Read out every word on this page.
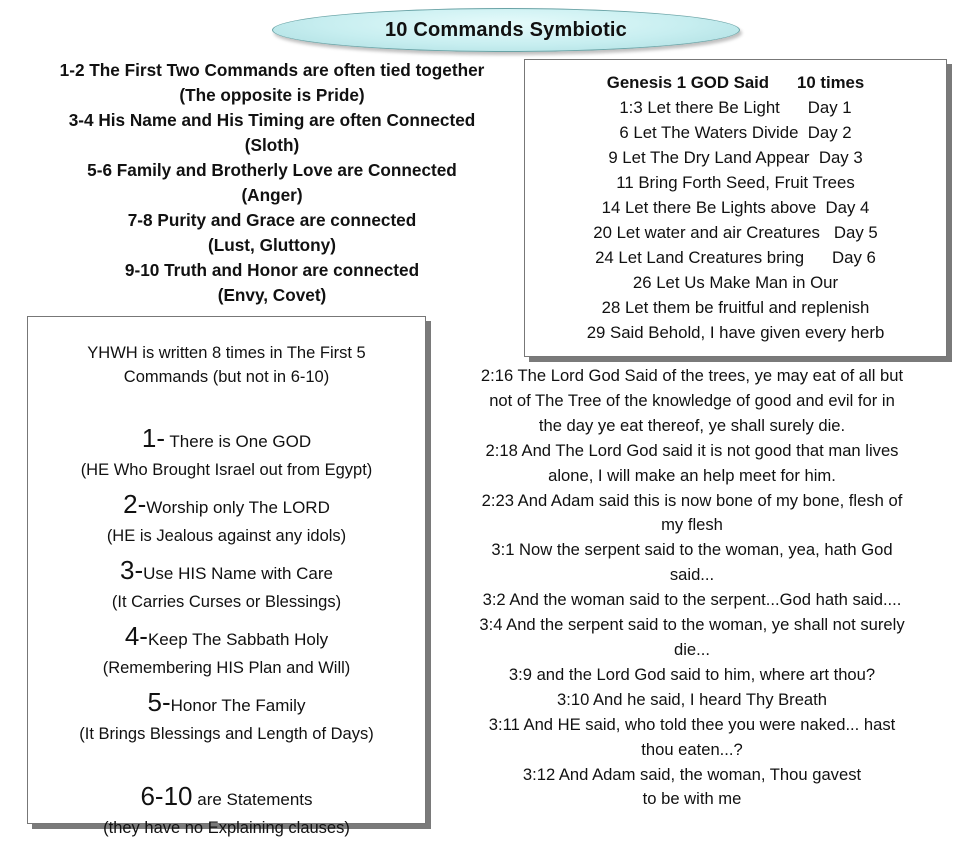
10 Commands Symbiotic
1-2 The First Two Commands are often tied together
(The opposite is Pride)
3-4 His Name and His Timing are often Connected
(Sloth)
5-6 Family and Brotherly Love are Connected
(Anger)
7-8 Purity and Grace are connected
(Lust, Gluttony)
9-10 Truth and Honor are connected
(Envy, Covet)
Genesis 1 GOD Said      10 times
1:3 Let there Be Light      Day 1
6 Let The Waters Divide  Day 2
9 Let The Dry Land Appear  Day 3
11 Bring Forth Seed, Fruit Trees
14 Let there Be Lights above  Day 4
20 Let water and air Creatures   Day 5
24 Let Land Creatures bring      Day 6
26 Let Us Make Man in Our
28 Let them be fruitful and replenish
29 Said Behold, I have given every herb
YHWH is written 8 times in The First 5
Commands (but not in 6-10)
1- There is One GOD
(HE Who Brought Israel out from Egypt)
2-Worship only The LORD
(HE is Jealous against any idols)
3-Use HIS Name with Care
(It Carries Curses or Blessings)
4-Keep The Sabbath Holy
(Remembering HIS Plan and Will)
5-Honor The Family
(It Brings Blessings and Length of Days)
6-10 are Statements
(they have no Explaining clauses)
2:16 The Lord God Said of the trees, ye may eat of all but
not of The Tree of the knowledge of good and evil for in
the day ye eat thereof, ye shall surely die.
2:18 And The Lord God said it is not good that man lives
alone, I will make an help meet for him.
2:23 And Adam said this is now bone of my bone, flesh of
my flesh
3:1 Now the serpent said to the woman, yea, hath God
said...
3:2 And the woman said to the serpent...God hath said....
3:4 And the serpent said to the woman, ye shall not surely
die...
3:9 and the Lord God said to him, where art thou?
3:10 And he said, I heard Thy Breath
3:11 And HE said, who told thee you were naked... hast
thou eaten...?
3:12 And Adam said, the woman, Thou gavest
to be with me
